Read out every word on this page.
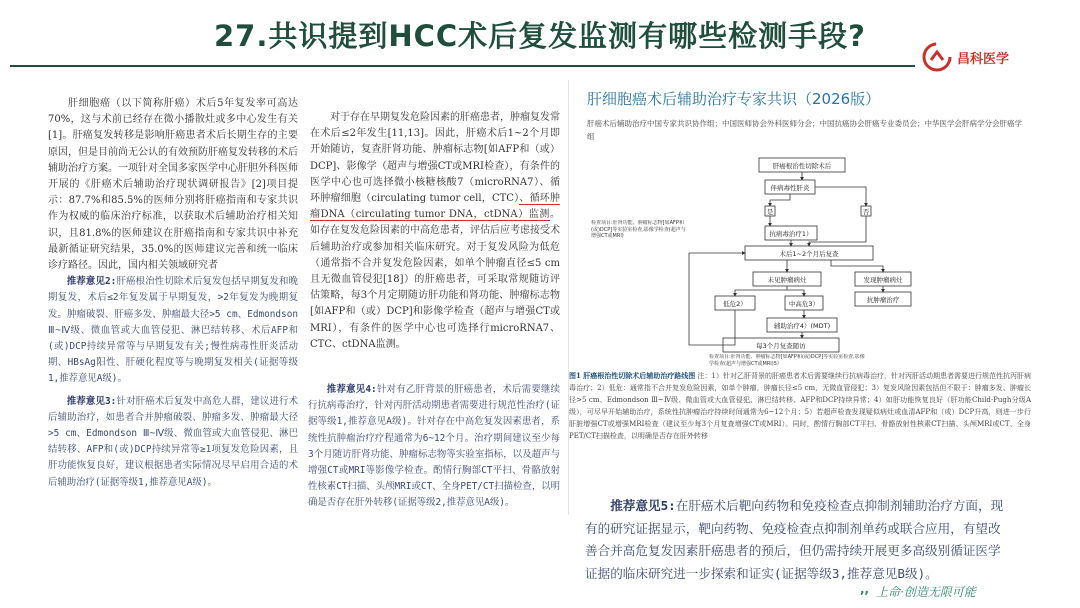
27.共识提到HCC术后复发监测有哪些检测手段?
昌科医学

肝细胞癌（以下简称肝癌）术后5年复发率可高达70%，这与术前已经存在微小播散灶或多中心发生有关[1]。肝癌复发转移是影响肝癌患者术后长期生存的主要原因，但是目前尚无公认的有效预防肝癌复发转移的术后辅助治疗方案。一项针对全国多家医学中心肝胆外科医师开展的《肝癌术后辅助治疗现状调研报告》[2]项目提示：87.7%和85.5%的医师分别将肝癌指南和专家共识作为权威的临床治疗标准，以获取术后辅助治疗相关知识，且81.8%的医师建议在肝癌指南和专家共识中补充最新循证研究结果，35.0%的医师建议完善和统一临床诊疗路径。因此，国内相关领域研究者

推荐意见2:肝癌根治性切除术后复发包括早期复发和晚期复发，术后≤2年复发属于早期复发，>2年复发为晚期复发。肿瘤破裂、肝癌多发、肿瘤最大径>5 cm、Edmondson Ⅲ~Ⅳ级、微血管或大血管侵犯、淋巴结转移、术后AFP和(或)DCP持续异常等与早期复发有关;慢性病毒性肝炎活动期、HBsAg阳性、肝硬化程度等与晚期复发相关(证据等级1,推荐意见A级)。

推荐意见3:针对肝癌术后复发中高危人群，建议进行术后辅助治疗，如患者合并肿瘤破裂、肿瘤多发、肿瘤最大径>5 cm、Edmondson Ⅲ~Ⅳ级、微血管或大血管侵犯、淋巴结转移、AFP和(或)DCP持续异常等≥1项复发危险因素，且肝功能恢复良好，建议根据患者实际情况尽早启用合适的术后辅助治疗(证据等级1,推荐意见A级)。

对于存在早期复发危险因素的肝癌患者，肿瘤复发常在术后≤2年发生[11,13]。因此，肝癌术后1~2个月即开始随访，复查肝肾功能、肿瘤标志物[如AFP和（或）DCP]、影像学（超声与增强CT或MRI检查），有条件的医学中心也可选择微小核糖核酸7（microRNA7）、循环肿瘤细胞（circulating tumor cell，CTC）、循环肿瘤DNA（circulating tumor DNA，ctDNA）监测。如存在复发危险因素的中高危患者，评估后应考虑接受术后辅助治疗或参加相关临床研究。对于复发风险为低危（通常指不合并复发危险因素，如单个肿瘤直径≤5 cm且无微血管侵犯[18]）的肝癌患者，可采取常规随访评估策略，每3个月定期随访肝功能和肾功能、肿瘤标志物[如AFP和（或）DCP]和影像学检查（超声与增强CT或MRI），有条件的医学中心也可选择行microRNA7、CTC、ctDNA监测。

推荐意见4:针对有乙肝背景的肝癌患者，术后需要继续行抗病毒治疗，针对丙肝活动期患者需要进行规范性治疗(证据等级1,推荐意见A级)。针对存在中高危复发因素患者，系统性抗肿瘤治疗疗程通常为6~12个月。治疗期间建议至少每3个月随访肝肾功能、肿瘤标志物等实验室指标，以及超声与增强CT或MRI等影像学检查。酌情行胸部CT平扫、骨骼放射性核素CT扫描、头颅MRI或CT、全身PET/CT扫描检查，以明确是否存在肝外转移(证据等级2,推荐意见A级)。

肝细胞癌术后辅助治疗专家共识（2026版）
肝癌术后辅助治疗中国专家共识协作组；中国医师协会外科医师分会；中国抗癌协会肝癌专业委员会；中华医学会肝病学分会肝癌学组
肝癌根治性切除术后
伴病毒性肝炎
是	否
抗病毒治疗1）
术后1~2个月后复查
检查项目:肝肾功能、肿瘤标志物[如AFP和(或)DCP]等实验室检查,影像学检查(超声与增强CT或MRI)
未见肿瘤病灶	发现肿瘤病灶
低危2）	中高危3）	抗肿瘤治疗
辅助治疗4）(MDT)
每3个月复查随访
检查项目:肝肾功能、肿瘤标志物[如AFP和(或)DCP]等实验室检查,影像学检查(超声与增强CT或MRI)5）
图1 肝癌根治性切除术后辅助治疗路线图 注：1）针对乙肝背景的肝癌患者术后需要继续行抗病毒治疗，针对丙肝活动期患者需要进行规范性抗丙肝病毒治疗；2）低危：通常指不合并复发危险因素，如单个肿瘤，肿瘤长径≤5 cm，无微血管侵犯；3）复发风险因素包括但不限于：肿瘤多发、肿瘤长径>5 cm、Edmondson Ⅲ~Ⅳ级、微血管或大血管侵犯、淋巴结转移、AFP和DCP持续异常；4）如肝功能恢复良好（肝功能Child-Pugh分级A级），可尽早开始辅助治疗，系统性抗肿瘤治疗持续时间通常为6~12个月；5）若超声检查发现疑似病灶或血清AFP和（或）DCP升高，则进一步行肝脏增强CT或增强MRI检查（建议至少每3个月复查增强CT或MRI）。同时，酌情行胸部CT平扫、骨骼放射性核素CT扫描、头颅MRI或CT、全身PET/CT扫描检查，以明确是否存在肝外转移

推荐意见5:在肝癌术后靶向药物和免疫检查点抑制剂辅助治疗方面，现有的研究证据显示，靶向药物、免疫检查点抑制剂单药或联合应用，有望改善合并高危复发因素肝癌患者的预后，但仍需持续开展更多高级别循证医学证据的临床研究进一步探索和证实(证据等级3,推荐意见B级)。

,, 上命·创造无限可能
